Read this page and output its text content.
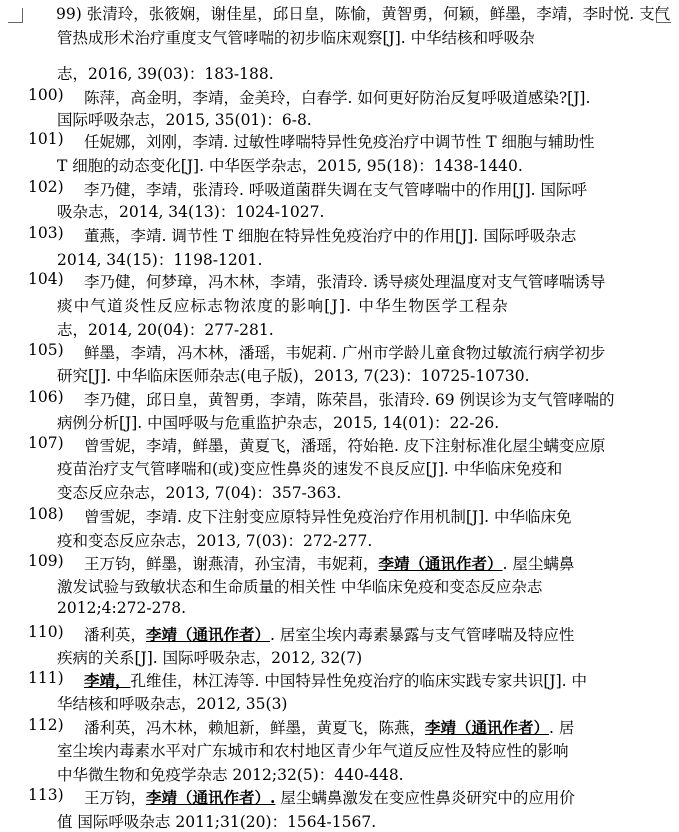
99) 张清玲，张筱娴，谢佳星，邱日皇，陈愉，黄智勇，何颖，鲜墨，李靖，李时悦. 支气
管热成形术治疗重度支气管哮喘的初步临床观察[J]. 中华结核和呼吸杂
志，2016, 39(03)：183-188.
100) 陈萍，高金明，李靖，金美玲，白春学. 如何更好防治反复呼吸道感染?[J].
国际呼吸杂志，2015, 35(01)：6-8.
101) 任妮娜，刘刚，李靖. 过敏性哮喘特异性免疫治疗中调节性 T 细胞与辅助性
T 细胞的动态变化[J]. 中华医学杂志，2015, 95(18)：1438-1440.
102) 李乃健，李靖，张清玲. 呼吸道菌群失调在支气管哮喘中的作用[J]. 国际呼
吸杂志，2014, 34(13)：1024-1027.
103) 董燕，李靖. 调节性 T 细胞在特异性免疫治疗中的作用[J]. 国际呼吸杂志
2014, 34(15)：1198-1201.
104) 李乃健，何梦璋，冯木林，李靖，张清玲. 诱导痰处理温度对支气管哮喘诱导
痰中气道炎性反应标志物浓度的影响[J]. 中华生物医学工程杂
志，2014, 20(04)：277-281.
105) 鲜墨，李靖，冯木林，潘瑶，韦妮莉. 广州市学龄儿童食物过敏流行病学初步
研究[J]. 中华临床医师杂志(电子版)，2013, 7(23)：10725-10730.
106) 李乃健，邱日皇，黄智勇，李靖，陈荣昌，张清玲. 69 例误诊为支气管哮喘的
病例分析[J]. 中国呼吸与危重监护杂志，2015, 14(01)：22-26.
107) 曾雪妮，李靖，鲜墨，黄夏飞，潘瑶，符始艳. 皮下注射标准化屋尘螨变应原
疫苗治疗支气管哮喘和(或)变应性鼻炎的速发不良反应[J]. 中华临床免疫和
变态反应杂志，2013, 7(04)：357-363.
108) 曾雪妮，李靖. 皮下注射变应原特异性免疫治疗作用机制[J]. 中华临床免
疫和变态反应杂志，2013, 7(03)：272-277.
109) 王万钧，鲜墨，谢燕清，孙宝清，韦妮莉，李靖（通讯作者）. 屋尘螨鼻
激发试验与致敏状态和生命质量的相关性 中华临床免疫和变态反应杂志
2012;4:272-278.
110) 潘利英，李靖（通讯作者）. 居室尘埃内毒素暴露与支气管哮喘及特应性
疾病的关系[J]. 国际呼吸杂志，2012, 32(7)
111) 李靖，孔维佳，林江涛等. 中国特异性免疫治疗的临床实践专家共识[J]. 中
华结核和呼吸杂志，2012, 35(3)
112) 潘利英，冯木林，赖旭新，鲜墨，黄夏飞，陈燕，李靖（通讯作者）. 居
室尘埃内毒素水平对广东城市和农村地区青少年气道反应性及特应性的影响
中华微生物和免疫学杂志 2012;32(5)：440-448.
113) 王万钧，李靖（通讯作者）. 屋尘螨鼻激发在变应性鼻炎研究中的应用价
值 国际呼吸杂志 2011;31(20)：1564-1567.
